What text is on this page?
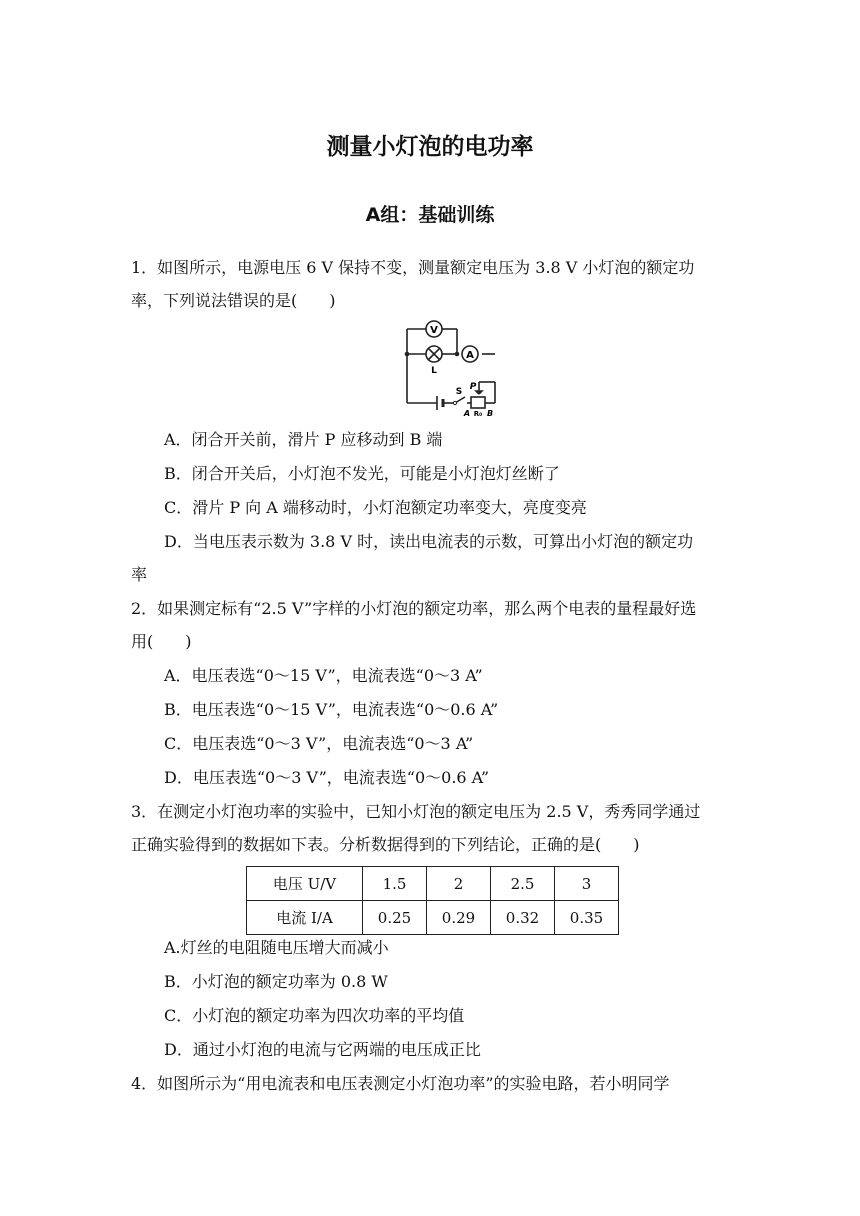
测量小灯泡的电功率
A组：基础训练
1．如图所示，电源电压 6 V 保持不变，测量额定电压为 3.8 V 小灯泡的额定功
率，下列说法错误的是(　　)
V
A
L
S P
A R₀ B
A．闭合开关前，滑片 P 应移动到 B 端
B．闭合开关后，小灯泡不发光，可能是小灯泡灯丝断了
C．滑片 P 向 A 端移动时，小灯泡额定功率变大，亮度变亮
D．当电压表示数为 3.8 V 时，读出电流表的示数，可算出小灯泡的额定功
率
2．如果测定标有“2.5 V”字样的小灯泡的额定功率，那么两个电表的量程最好选
用(　　)
A．电压表选“0～15 V”，电流表选“0～3 A”
B．电压表选“0～15 V”，电流表选“0～0.6 A”
C．电压表选“0～3 V”，电流表选“0～3 A”
D．电压表选“0～3 V”，电流表选“0～0.6 A”
3．在测定小灯泡功率的实验中，已知小灯泡的额定电压为 2.5 V，秀秀同学通过
正确实验得到的数据如下表。分析数据得到的下列结论，正确的是(　　)
电压 U/V	1.5	2	2.5	3
电流 I/A	0.25	0.29	0.32	0.35
A.灯丝的电阻随电压增大而减小
B．小灯泡的额定功率为 0.8 W
C．小灯泡的额定功率为四次功率的平均值
D．通过小灯泡的电流与它两端的电压成正比
4．如图所示为“用电流表和电压表测定小灯泡功率”的实验电路，若小明同学
